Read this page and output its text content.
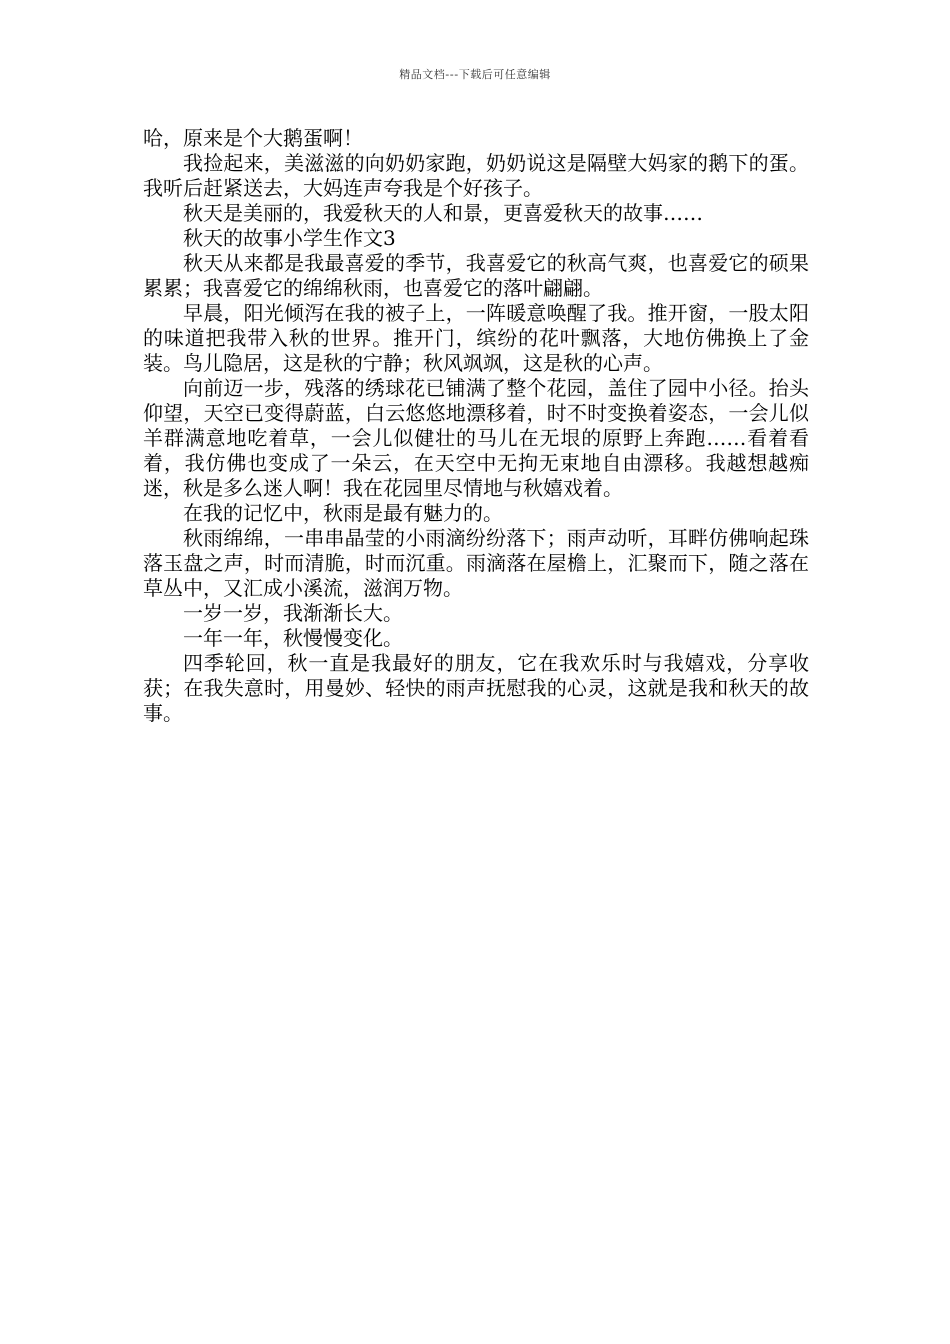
精品文档---下载后可任意编辑

哈，原来是个大鹅蛋啊！

我捡起来，美滋滋的向奶奶家跑，奶奶说这是隔壁大妈家的鹅下的蛋。我听后赶紧送去，大妈连声夸我是个好孩子。

秋天是美丽的，我爱秋天的人和景，更喜爱秋天的故事……

秋天的故事小学生作文3

秋天从来都是我最喜爱的季节，我喜爱它的秋高气爽，也喜爱它的硕果累累；我喜爱它的绵绵秋雨，也喜爱它的落叶翩翩。

早晨，阳光倾泻在我的被子上，一阵暖意唤醒了我。推开窗，一股太阳的味道把我带入秋的世界。推开门，缤纷的花叶飘落，大地仿佛换上了金装。鸟儿隐居，这是秋的宁静；秋风飒飒，这是秋的心声。

向前迈一步，残落的绣球花已铺满了整个花园，盖住了园中小径。抬头仰望，天空已变得蔚蓝，白云悠悠地漂移着，时不时变换着姿态，一会儿似羊群满意地吃着草，一会儿似健壮的马儿在无垠的原野上奔跑……看着看着，我仿佛也变成了一朵云，在天空中无拘无束地自由漂移。我越想越痴迷，秋是多么迷人啊！我在花园里尽情地与秋嬉戏着。

在我的记忆中，秋雨是最有魅力的。

秋雨绵绵，一串串晶莹的小雨滴纷纷落下；雨声动听，耳畔仿佛响起珠落玉盘之声，时而清脆，时而沉重。雨滴落在屋檐上，汇聚而下，随之落在草丛中，又汇成小溪流，滋润万物。

一岁一岁，我渐渐长大。

一年一年，秋慢慢变化。

四季轮回，秋一直是我最好的朋友，它在我欢乐时与我嬉戏，分享收获；在我失意时，用曼妙、轻快的雨声抚慰我的心灵，这就是我和秋天的故事。
